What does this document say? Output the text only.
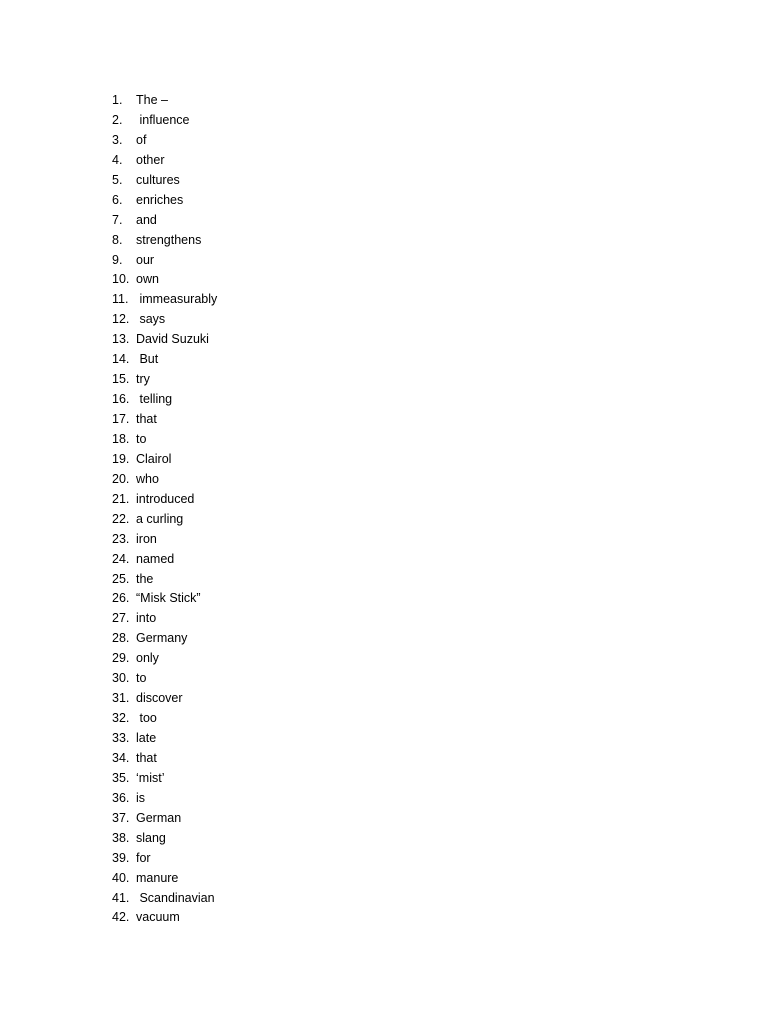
1.	The –
2.	influence
3.	of
4.	other
5.	cultures
6.	enriches
7.	and
8.	strengthens
9.	our
10. own
11. immeasurably
12. says
13. David Suzuki
14. But
15. try
16. telling
17. that
18. to
19. Clairol
20. who
21. introduced
22. a curling
23. iron
24. named
25. the
26. “Misk Stick”
27. into
28. Germany
29. only
30. to
31. discover
32. too
33. late
34. that
35. ‘mist’
36. is
37. German
38. slang
39. for
40. manure
41. Scandinavian
42. vacuum
